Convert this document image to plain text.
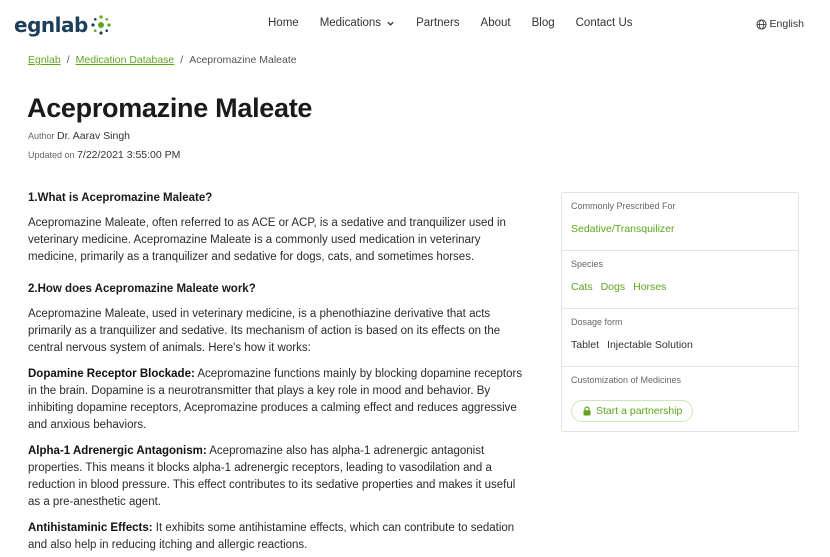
egnlab	Home Medications	Partners About Blog Contact Us	English
Egnlab / Medication Database / Acepromazine Maleate
Acepromazine Maleate
Author Dr. Aarav Singh
Updated on 7/22/2021 3:55:00 PM
1.What is Acepromazine Maleate?

Acepromazine Maleate, often referred to as ACE or ACP, is a sedative and tranquilizer used in veterinary medicine. Acepromazine Maleate is a commonly used medication in veterinary medicine, primarily as a tranquilizer and sedative for dogs, cats, and sometimes horses.

2.How does Acepromazine Maleate work?

Acepromazine Maleate, used in veterinary medicine, is a phenothiazine derivative that acts primarily as a tranquilizer and sedative. Its mechanism of action is based on its effects on the central nervous system of animals. Here's how it works:

Dopamine Receptor Blockade: Acepromazine functions mainly by blocking dopamine receptors in the brain. Dopamine is a neurotransmitter that plays a key role in mood and behavior. By inhibiting dopamine receptors, Acepromazine produces a calming effect and reduces aggressive and anxious behaviors.

Alpha-1 Adrenergic Antagonism: Acepromazine also has alpha-1 adrenergic antagonist properties. This means it blocks alpha-1 adrenergic receptors, leading to vasodilation and a reduction in blood pressure. This effect contributes to its sedative properties and makes it useful as a pre-anesthetic agent.

Antihistaminic Effects: It exhibits some antihistamine effects, which can contribute to sedation and also help in reducing itching and allergic reactions.

Commonly Prescribed For
Sedative/Transquilizer
Species
Cats Dogs Horses
Dosage form
Tablet Injectable Solution
Customization of Medicines
Start a partnership
